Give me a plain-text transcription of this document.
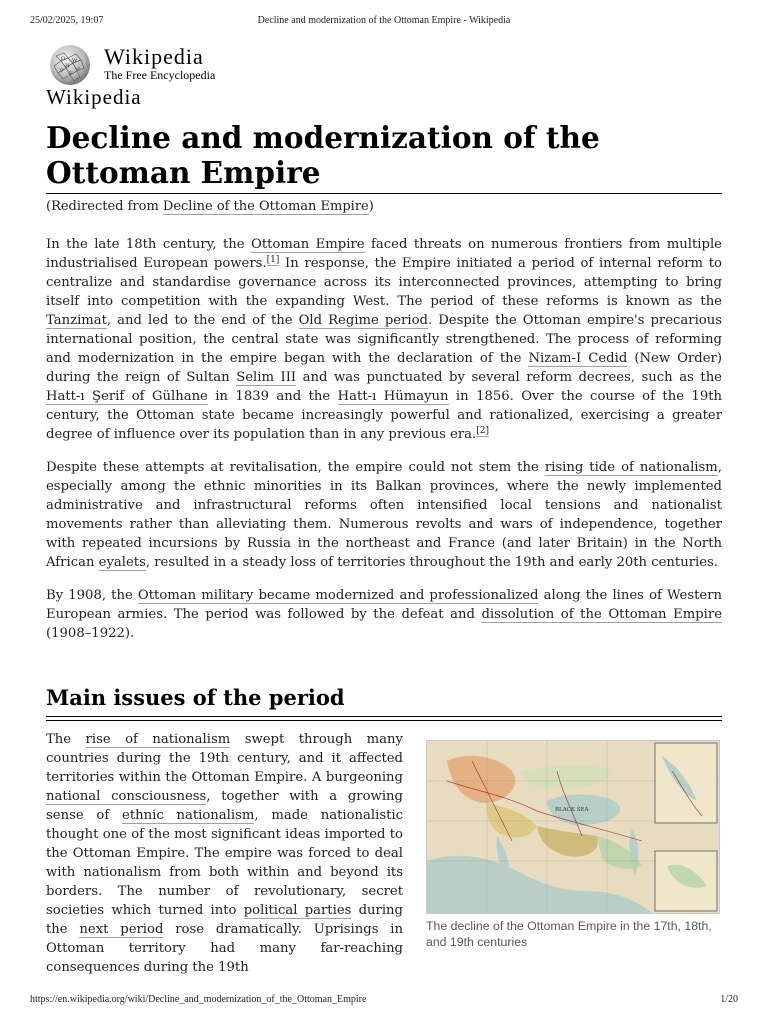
25/02/2025, 19:07	Decline and modernization of the Ottoman Empire - Wikipedia
Ω W
И ی
ウ ש
Wikipedia
The Free Encyclopedia
Wikipedia
Decline and modernization of the Ottoman Empire
(Redirected from Decline of the Ottoman Empire)

In the late 18th century, the Ottoman Empire faced threats on numerous frontiers from multiple industrialised European powers.[1] In response, the Empire initiated a period of internal reform to centralize and standardise governance across its interconnected provinces, attempting to bring itself into competition with the expanding West. The period of these reforms is known as the Tanzimat, and led to the end of the Old Regime period. Despite the Ottoman empire's precarious international position, the central state was significantly strengthened. The process of reforming and modernization in the empire began with the declaration of the Nizam-I Cedid (New Order) during the reign of Sultan Selim III and was punctuated by several reform decrees, such as the Hatt-ı Şerif of Gülhane in 1839 and the Hatt-ı Hümayun in 1856. Over the course of the 19th century, the Ottoman state became increasingly powerful and rationalized, exercising a greater degree of influence over its population than in any previous era.[2]

Despite these attempts at revitalisation, the empire could not stem the rising tide of nationalism, especially among the ethnic minorities in its Balkan provinces, where the newly implemented administrative and infrastructural reforms often intensified local tensions and nationalist movements rather than alleviating them. Numerous revolts and wars of independence, together with repeated incursions by Russia in the northeast and France (and later Britain) in the North African eyalets, resulted in a steady loss of territories throughout the 19th and early 20th centuries.

By 1908, the Ottoman military became modernized and professionalized along the lines of Western European armies. The period was followed by the defeat and dissolution of the Ottoman Empire (1908–1922).

Main issues of the period

The rise of nationalism swept through many countries during the 19th century, and it affected territories within the Ottoman Empire. A burgeoning national consciousness, together with a growing sense of ethnic nationalism, made nationalistic thought one of the most significant ideas imported to the Ottoman Empire. The empire was forced to deal with nationalism from both within and beyond its borders. The number of revolutionary, secret societies which turned into political parties during the next period rose dramatically. Uprisings in Ottoman territory had many far-reaching consequences during the 19th

BLACK SEA
The decline of the Ottoman Empire in the 17th, 18th, and 19th centuries
https://en.wikipedia.org/wiki/Decline_and_modernization_of_the_Ottoman_Empire	1/20
